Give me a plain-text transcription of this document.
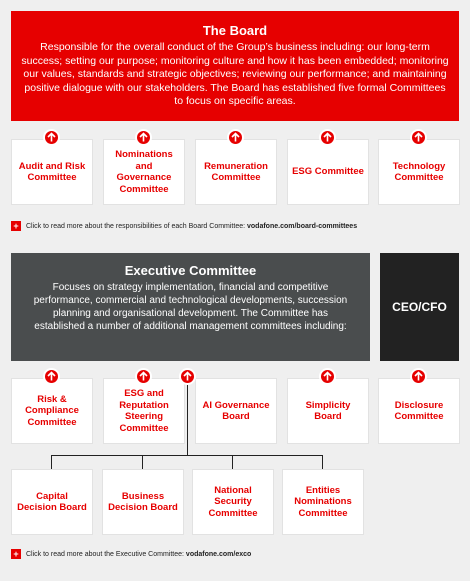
The Board
Responsible for the overall conduct of the Group’s business including: our long-term success; setting our purpose; monitoring culture and how it has been embedded; monitoring our values, standards and strategic objectives; reviewing our performance; and maintaining positive dialogue with our stakeholders. The Board has established five formal Committees to focus on specific areas.
Audit and Risk Committee
Nominations and Governance Committee
Remuneration Committee
ESG Committee
Technology Committee
+	Click to read more about the responsibilities of each Board Committee:
vodafone.com/board-committees
Executive Committee
Focuses on strategy implementation, financial and competitive performance, commercial and technological developments, succession planning and organisational development. The Committee has established a number of additional management committees including:
CEO/CFO
Risk & Compliance Committee
ESG and Reputation Steering Committee
AI Governance Board
Simplicity Board
Disclosure Committee
Capital Decision Board
Business Decision Board
National Security Committee
Entities Nominations Committee
+	Click to read more about the Executive Committee:
vodafone.com/exco
